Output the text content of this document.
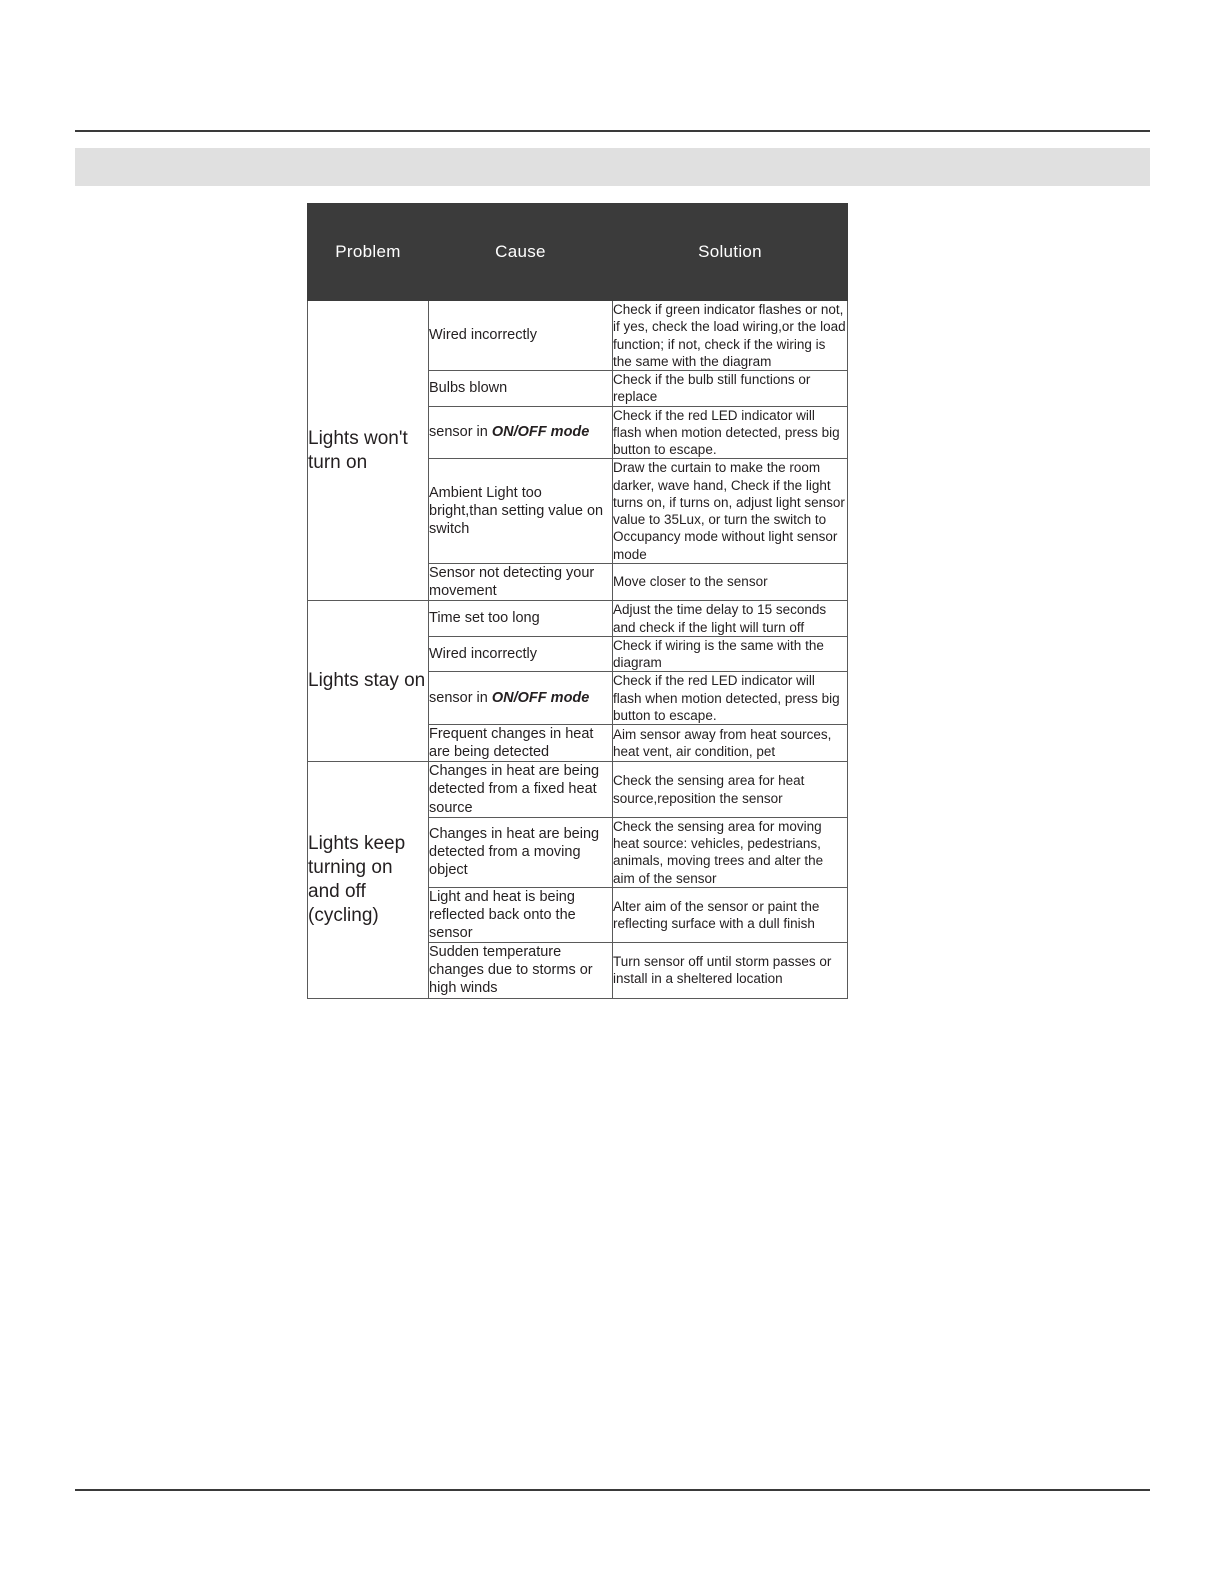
Problem	Cause	Solution
Lights won't turn on	Wired incorrectly	Check if green indicator flashes or not, if yes, check the load wiring,or the load function; if not, check if the wiring is the same with the diagram
	Bulbs blown	Check if the bulb still functions or replace
	sensor in ON/OFF mode	Check if the red LED indicator will flash when motion detected, press big button to escape.
	Ambient Light too bright,than setting value on switch	Draw the curtain to make the room darker, wave hand, Check if the light turns on, if turns on, adjust light sensor value to 35Lux, or turn the switch to Occupancy mode without light sensor mode
	Sensor not detecting your movement	Move closer to the sensor
Lights stay on	Time set too long	Adjust the time delay to 15 seconds and check if the light will turn off
	Wired incorrectly	Check if wiring is the same with the diagram
	sensor in ON/OFF mode	Check if the red LED indicator will flash when motion detected, press big button to escape.
	Frequent changes in heat are being detected	Aim sensor away from heat sources, heat vent, air condition, pet
Lights keep turning on and off (cycling)	Changes in heat are being detected from a fixed heat source	Check the sensing area for heat source,reposition the sensor
	Changes in heat are being detected from a moving object	Check the sensing area for moving heat source: vehicles, pedestrians, animals, moving trees and alter the aim of the sensor
	Light and heat is being reflected back onto the sensor	Alter aim of the sensor or paint the reflecting surface with a dull finish
	Sudden temperature changes due to storms or high winds	Turn sensor off until storm passes or install in a sheltered location
